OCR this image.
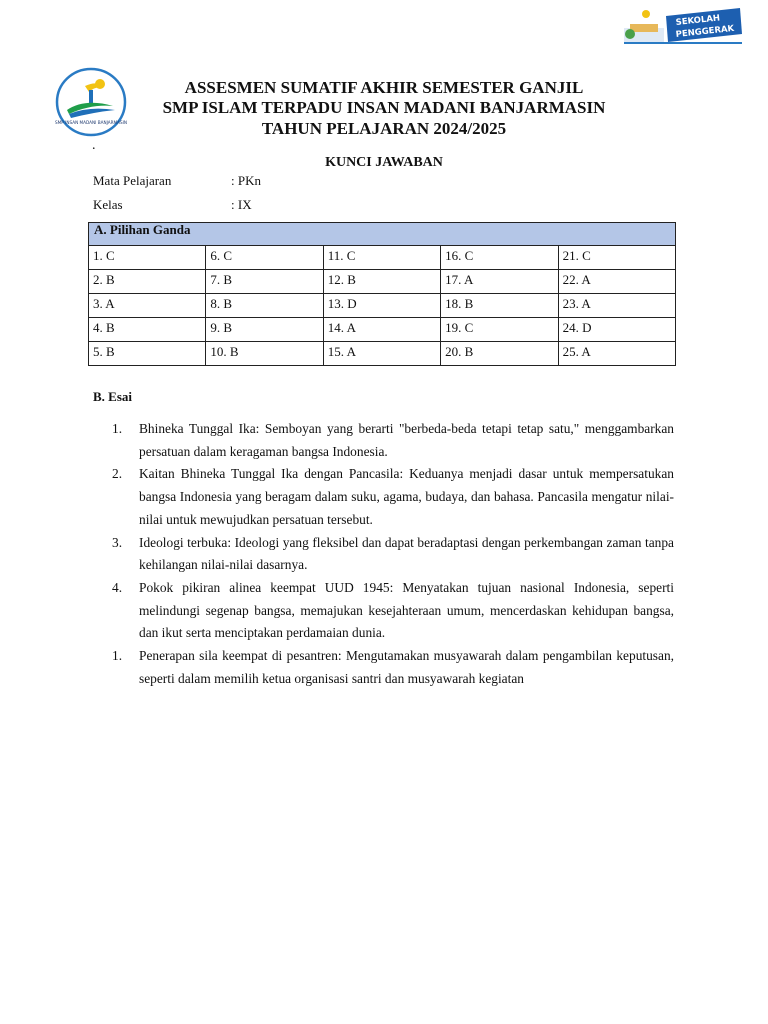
SMP INSAN MADANI BANJARMASIN
SEKOLAH
PENGGERAK
ASSESMEN SUMATIF AKHIR SEMESTER GANJIL
SMP ISLAM TERPADU INSAN MADANI BANJARMASIN
TAHUN PELAJARAN 2024/2025
.
KUNCI JAWABAN
Mata Pelajaran	: PKn
Kelas	: IX
A. Pilihan Ganda				
1. C	6. C	11. C	16. C	21. C
2. B	7. B	12. B	17. A	22. A
3. A	8. B	13. D	18. B	23. A
4. B	9. B	14. A	19. C	24. D
5. B	10. B	15. A	20. B	25. A
B. Esai
1.	Bhineka Tunggal Ika: Semboyan yang berarti "berbeda-beda tetapi tetap satu," menggambarkan persatuan dalam keragaman bangsa Indonesia.
2.	Kaitan Bhineka Tunggal Ika dengan Pancasila: Keduanya menjadi dasar untuk mempersatukan bangsa Indonesia yang beragam dalam suku, agama, budaya, dan bahasa. Pancasila mengatur nilai-nilai untuk mewujudkan persatuan tersebut.
3.	Ideologi terbuka: Ideologi yang fleksibel dan dapat beradaptasi dengan perkembangan zaman tanpa kehilangan nilai-nilai dasarnya.
4.	Pokok pikiran alinea keempat UUD 1945: Menyatakan tujuan nasional Indonesia, seperti melindungi segenap bangsa, memajukan kesejahteraan umum, mencerdaskan kehidupan bangsa, dan ikut serta menciptakan perdamaian dunia.
1.	Penerapan sila keempat di pesantren: Mengutamakan musyawarah dalam pengambilan keputusan, seperti dalam memilih ketua organisasi santri dan musyawarah kegiatan
